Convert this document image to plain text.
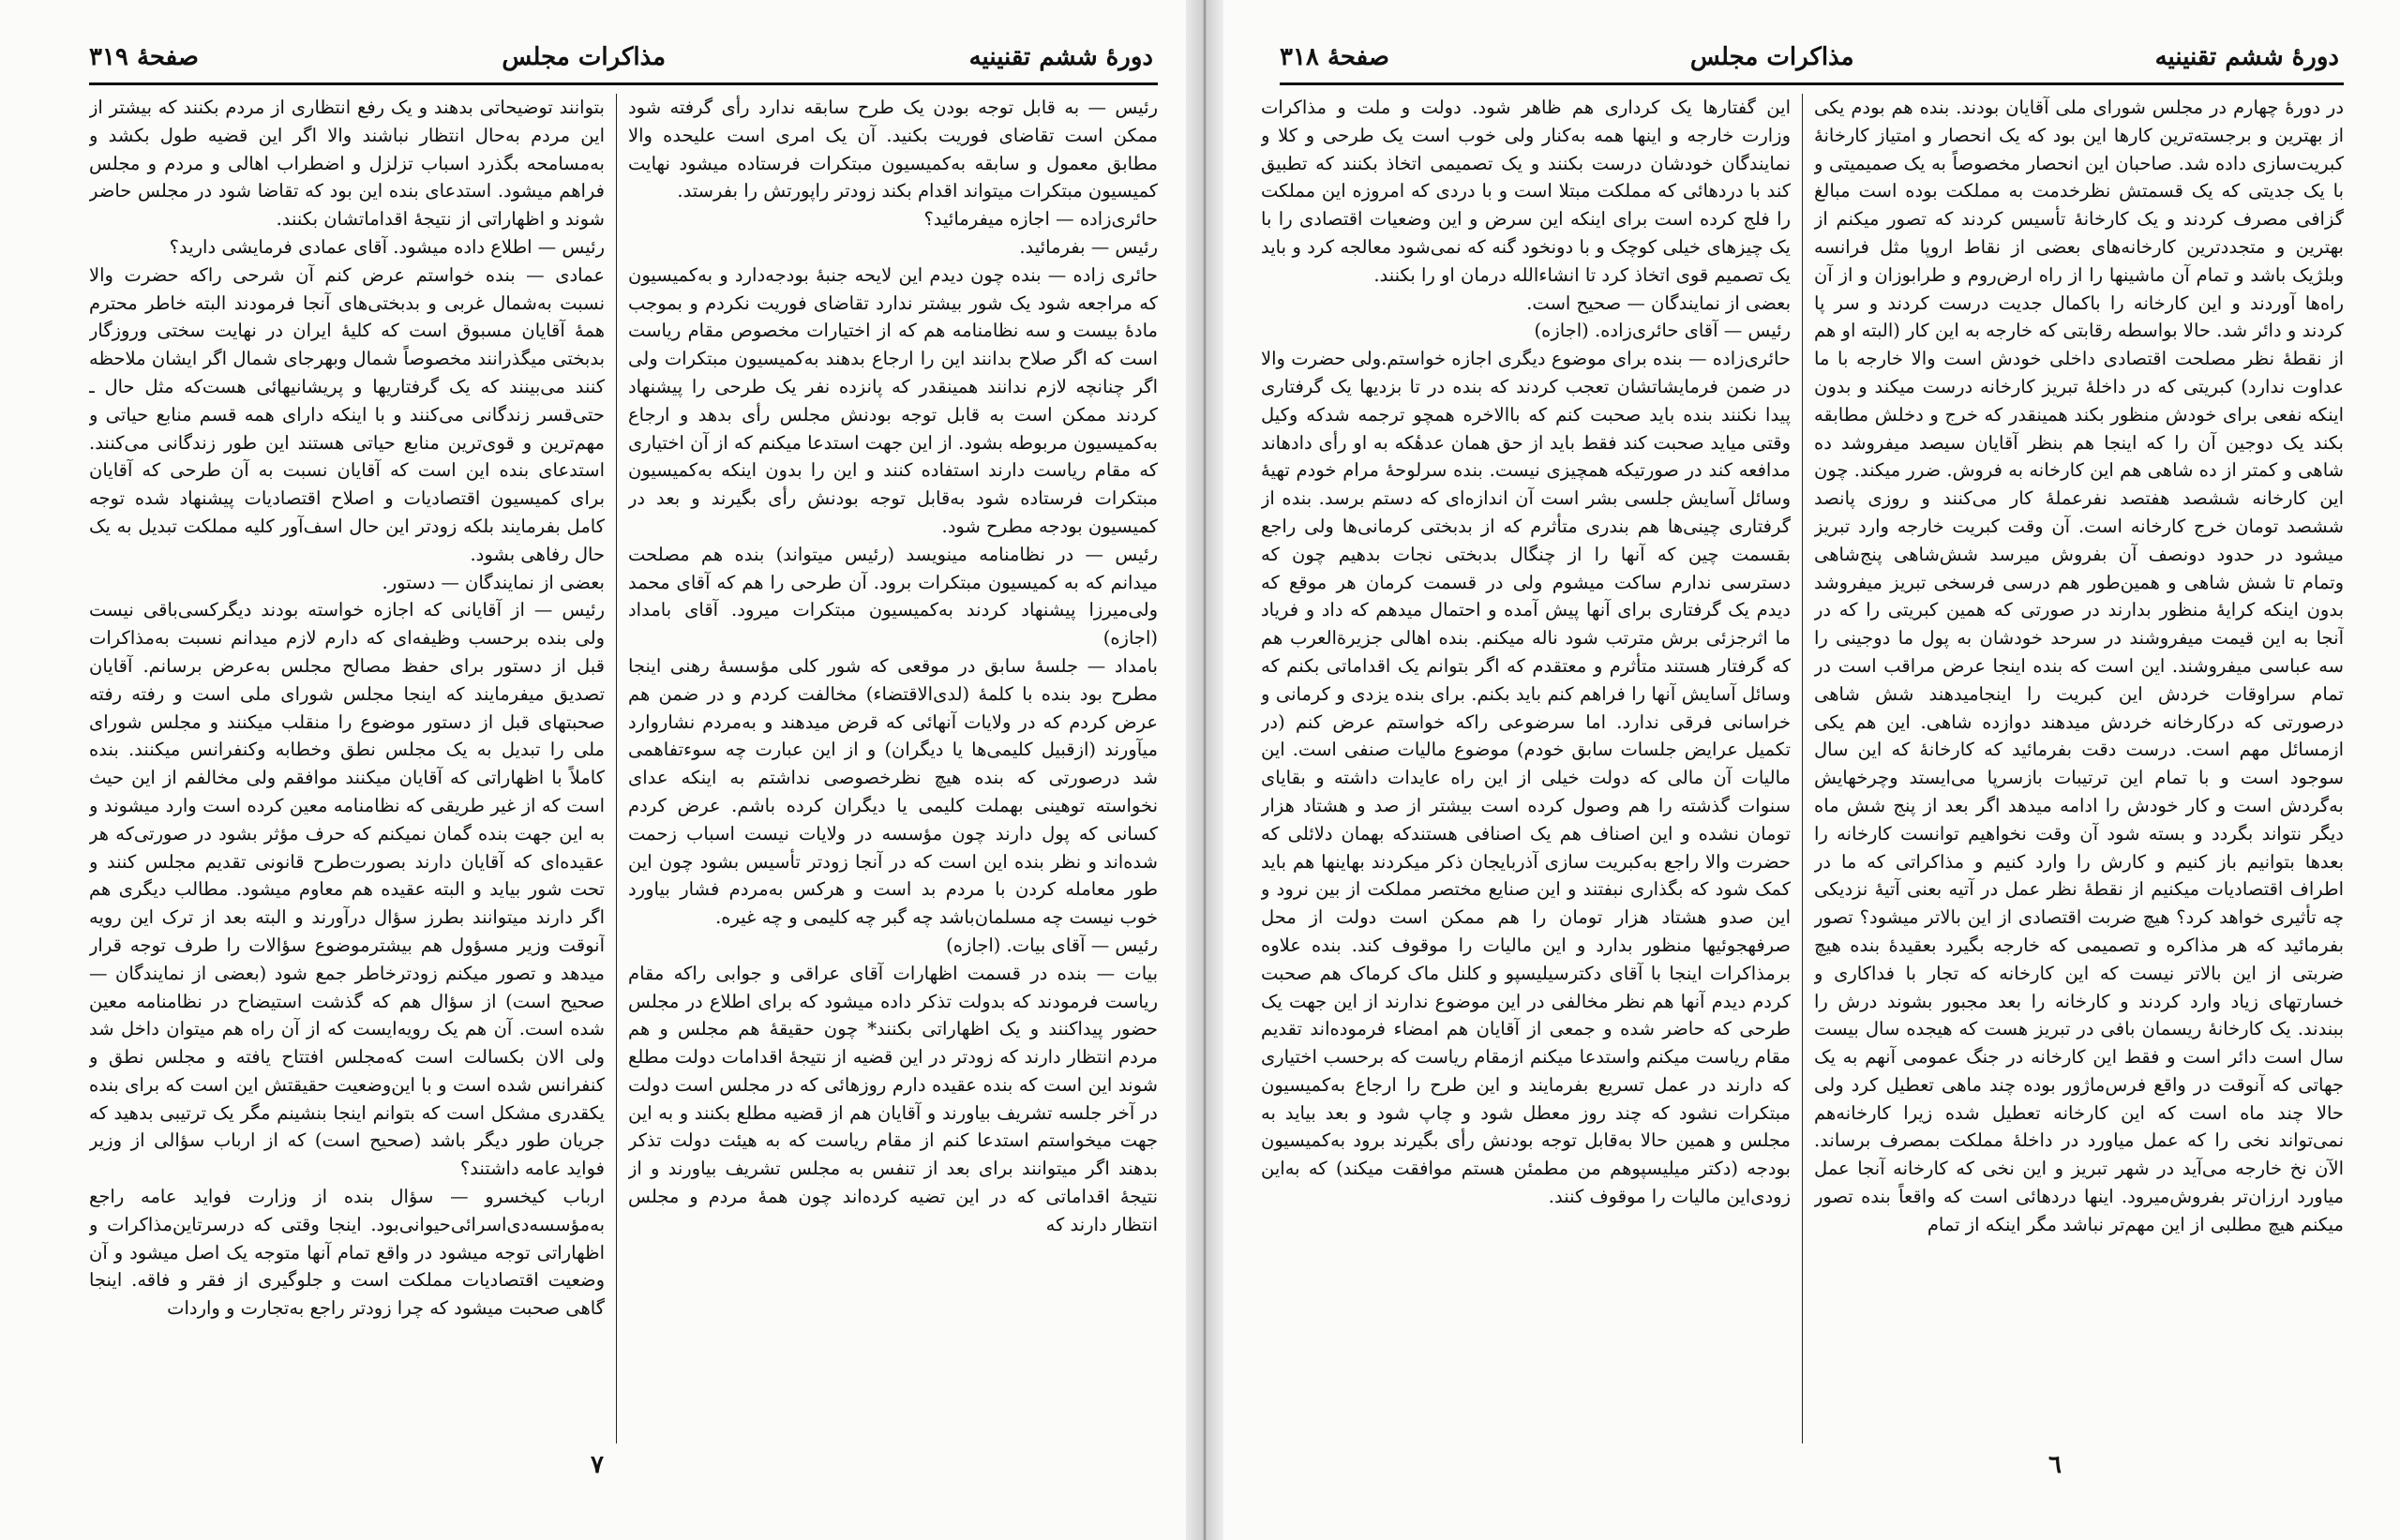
دورهٔ ششم تقنینیه
مذاکرات مجلس
صفحهٔ ۳۱۸

در دورهٔ چهارم در مجلس شورای ملی آقایان بودند. بنده هم بودم یکی از بهترین و برجسته‌ترین کارها این بود که یک انحصار و امتیاز کارخانهٔ کبریت‌سازی داده شد. صاحبان این انحصار مخصوصاً به یک صمیمیتی و با یک جدیتی که یک قسمتش نظرخدمت به مملکت بوده است مبالغ گزافی مصرف کردند و یک کارخانهٔ تأسیس کردند که تصور میکنم از بهترین و متجددترین کارخانه‌های بعضی از نقاط اروپا مثل فرانسه وبلژیک باشد و تمام آن ماشینها را از راه ارض‌روم و طرابوزان و از آن راه‌ها آوردند و این کارخانه را باکمال جدیت درست کردند و سر پا کردند و دائر شد. حالا بواسطه رقابتی که خارجه به این کار (البته او هم از نقطهٔ نظر مصلحت اقتصادی داخلی خودش است والا خارجه با ما عداوت ندارد) کبریتی که در داخلهٔ تبریز کارخانه درست میکند و بدون اینکه نفعی برای خودش منظور بکند همینقدر که خرج و دخلش مطابقه بکند یک دوجین آن را که اینجا هم بنظر آقایان سیصد میفروشد ده شاهی و کمتر از ده شاهی هم این کارخانه به فروش. ضرر میکند. چون این کارخانه ششصد هفتصد نفرعملهٔ کار می‌کنند و روزی پانصد ششصد تومان خرج کارخانه است. آن وقت کبریت خارجه وارد تبریز میشود در حدود دونصف آن بفروش میرسد شش‌شاهی پنج‌شاهی وتمام تا شش شاهی و همین‌طور هم درسی فرسخی تبریز میفروشد بدون اینکه کرایهٔ منظور بدارند در صورتی که همین کبریتی را که در آنجا به این قیمت میفروشند در سرحد خودشان به پول ما دوجینی را سه عباسی میفروشند. این است که بنده اینجا عرض مراقب است در تمام سراوقات خردش این کبریت را اینجامیدهند شش شاهی درصورتی که درکارخانه خردش میدهند دوازده شاهی. این هم یکی ازمسائل مهم است. درست دقت بفرمائید که کارخانهٔ که این سال سوجود است و با تمام این ترتیبات بازسرپا می‌ایستد وچرخهایش به‌گردش است و کار خودش را ادامه میدهد اگر بعد از پنج شش ماه دیگر نتواند بگردد و بسته شود آن وقت نخواهیم توانست کارخانه را بعدها بتوانیم باز کنیم و کارش را وارد کنیم و مذاکراتی که ما در اطراف اقتصادیات میکنیم از نقطهٔ نظر عمل در آتیه بعنی آتیهٔ نزدیکی چه تأثیری خواهد کرد؟ هیچ ضربت اقتصادی از این بالاتر میشود؟ تصور بفرمائید که هر مذاکره و تصمیمی که خارجه بگیرد بعقیدهٔ بنده هیچ ضربتی از این بالاتر نیست که این کارخانه که تجار با فداکاری و خسارتهای زیاد وارد کردند و کارخانه را بعد مجبور بشوند درش را ببندند. یک کارخانهٔ ریسمان بافی در تبریز هست که هیجده سال بیست سال است دائر است و فقط این کارخانه در جنگ عمومی آنهم به یک جهاتی که آنوقت در واقع فرس‌ماژور بوده چند ماهی تعطیل کرد ولی حالا چند ماه است که این کارخانه تعطیل شده زیرا کارخانه‌هم نمی‌تواند نخی را که عمل میاورد در داخلهٔ مملکت بمصرف برساند. الآن نخ خارجه می‌آید در شهر تبریز و این نخی که کارخانه آنجا عمل میاورد ارزان‌تر بفروش‌میرود. اینها دردهائی است که واقعاً بنده تصور میکنم هیچ مطلبی از این مهم‌تر نباشد مگر اینکه از تمام

این گفتارها یک کرداری هم ظاهر شود. دولت و ملت و مذاکرات وزارت خارجه و اینها همه به‌کنار ولی خوب است یک طرحی و کلا و نمایندگان خودشان درست بکنند و یک تصمیمی اتخاذ بکنند که تطبیق کند با دردهائی که مملکت مبتلا است و با دردی که امروزه این مملکت را فلج کرده است برای اینکه این سرض و این وضعیات اقتصادی را با یک چیزهای خیلی کوچک و با دونخود گنه که نمی‌شود معالجه کرد و باید یک تصمیم قوی اتخاذ کرد تا انشاءالله درمان او را بکنند.
بعضی از نمایندگان — صحیح است.
رئیس — آقای حائری‌زاده. (اجازه)
حائری‌زاده — بنده برای موضوع دیگری اجازه خواستم.ولی حضرت والا در ضمن فرمایشاتشان تعجب کردند که بنده در تا بزدیها یک گرفتاری پیدا نکنند بنده باید صحبت کنم که باالاخره همچو ترجمه شدکه وکیل وقتی میاید صحبت کند فقط باید از حق همان عدهٔکه به او رأی دادهاند مدافعه کند در صورتیکه همچیزی نیست. بنده سرلوحهٔ مرام خودم تهیهٔ وسائل آسایش جلسی بشر است آن اندازه‌ای که دستم برسد. بنده از گرفتاری چینی‌ها هم بندری متأثرم که از بدبختی کرمانی‌ها ولی راجع بقسمت چین که آنها را از چنگال بدبختی نجات بدهیم چون که دسترسی ندارم ساکت میشوم ولی در قسمت کرمان هر موقع که دیدم یک گرفتاری برای آنها پیش آمده و احتمال میدهم که داد و فریاد ما اثرجزئی برش مترتب شود ناله میکنم. بنده اهالی جزیرة‌العرب هم که گرفتار هستند متأثرم و معتقدم که اگر بتوانم یک اقداماتی بکنم که وسائل آسایش آنها را فراهم کنم باید بکنم. برای بنده یزدی و کرمانی و خراسانی فرقی ندارد. اما سرضوعی راکه خواستم عرض کنم (در تکمیل عرایض جلسات سابق خودم) موضوع مالیات صنفی است. این مالیات آن مالی که دولت خیلی از این راه عایدات داشته و بقایای سنوات گذشته را هم وصول کرده است بیشتر از صد و هشتاد هزار تومان نشده و این اصناف هم یک اصنافی هستندکه بهمان دلائلی که حضرت والا راجع به‌کبریت سازی آذربایجان ذکر میکردند بهاینها هم باید کمک شود که بگذاری نبفتند و این صنایع مختصر مملکت از بین نرود و این صدو هشتاد هزار تومان را هم ممکن است دولت از محل صرفهجوئیها منظور بدارد و این مالیات را موقوف کند. بنده علاوه برمذاکرات اینجا با آقای دکترسیلیسپو و کلنل ماک کرماک هم صحبت کردم دیدم آنها هم نظر مخالفی در این موضوع ندارند از این جهت یک طرحی که حاضر شده و جمعی از آقایان هم امضاء فرموده‌اند تقدیم مقام ریاست میکنم واستدعا میکنم ازمقام ریاست که برحسب اختیاری که دارند در عمل تسریع بفرمایند و این طرح را ارجاع به‌کمیسیون مبتکرات نشود که چند روز معطل شود و چاپ شود و بعد بیاید به مجلس و همین حالا به‌قابل توجه بودنش رأی بگیرند برود به‌کمیسیون بودجه (دکتر میلیسپوهم من مطمئن هستم موافقت میکند) که به‌این زودی‌این مالیات را موقوف کنند.

٦
دورهٔ ششم تقنینیه
مذاکرات مجلس
صفحهٔ ۳۱۹

رئیس — به قابل توجه بودن یک طرح سابقه ندارد رأی گرفته شود ممکن است تقاضای فوریت بکنید. آن یک امری است علیحده والا مطابق معمول و سابقه به‌کمیسیون مبتکرات فرستاده میشود نهایت کمیسیون مبتکرات میتواند اقدام بکند زودتر راپورتش را بفرستد.
حائری‌زاده — اجازه میفرمائید؟
رئیس — بفرمائید.
حائری زاده — بنده چون دیدم این لایحه جنبهٔ بودجه‌دارد و به‌کمیسیون که مراجعه شود یک شور بیشتر ندارد تقاضای فوریت نکردم و بموجب مادهٔ بیست و سه نظامنامه هم که از اختیارات مخصوص مقام ریاست است که اگر صلاح بدانند این را ارجاع بدهند به‌کمیسیون مبتکرات ولی اگر چنانچه لازم ندانند همینقدر که پانزده نفر یک طرحی را پیشنهاد کردند ممکن است به قابل توجه بودنش مجلس رأی بدهد و ارجاع به‌کمیسیون مربوطه بشود. از این جهت استدعا میکنم که از آن اختیاری که مقام ریاست دارند استفاده کنند و این را بدون اینکه به‌کمیسیون مبتکرات فرستاده شود به‌قابل توجه بودنش رأی بگیرند و بعد در کمیسیون بودجه مطرح شود.
رئیس — در نظامنامه مینویسد (رئیس میتواند) بنده هم مصلحت میدانم که به کمیسیون مبتکرات برود. آن طرحی را هم که آقای محمد ولی‌میرزا پیشنهاد کردند به‌کمیسیون مبتکرات میرود. آقای بامداد (اجازه)
بامداد — جلسهٔ سابق در موقعی که شور کلی مؤسسهٔ رهنی اینجا مطرح بود بنده با کلمهٔ (لدی‌الاقتضاء) مخالفت کردم و در ضمن هم عرض کردم که در ولایات آنهائی که قرض میدهند و به‌مردم نشاروارد میآورند (ازقبیل کلیمی‌ها یا دیگران) و از این عبارت چه سوءتفاهمی شد درصورتی که بنده هیچ نظرخصوصی نداشتم به اینکه عدای نخواسته توهینی بهملت کلیمی یا دیگران کرده باشم. عرض کردم کسانی که پول دارند چون مؤسسه در ولایات نیست اسباب زحمت شده‌اند و نظر بنده این است که در آنجا زودتر تأسیس بشود چون این طور معامله کردن با مردم بد است و هرکس به‌مردم فشار بیاورد خوب نیست چه مسلمان‌باشد چه گبر چه کلیمی و چه غیره.
رئیس — آقای بیات. (اجازه)
بیات — بنده در قسمت اظهارات آقای عراقی و جوابی راکه مقام ریاست فرمودند که بدولت تذکر داده میشود که برای اطلاع در مجلس حضور پیداکنند و یک اظهاراتی بکنند* چون حقیقهٔ هم مجلس و هم مردم انتظار دارند که زودتر در این قضیه از نتیجهٔ اقدامات دولت مطلع شوند این است که بنده عقیده دارم روزهائی که در مجلس است دولت در آخر جلسه تشریف بیاورند و آقایان هم از قضیه مطلع بکنند و به این جهت میخواستم استدعا کنم از مقام ریاست که به هیئت دولت تذکر بدهند اگر میتوانند برای بعد از تنفس به مجلس تشریف بیاورند و از نتیجهٔ اقداماتی که در این تضیه کرده‌اند چون همهٔ مردم و مجلس انتظار دارند که

بتوانند توضیحاتی بدهند و یک رفع انتظاری از مردم بکنند که بیشتر از این مردم به‌حال انتظار نباشند والا اگر این قضیه طول بکشد و به‌مسامحه بگذرد اسباب تزلزل و اضطراب اهالی و مردم و مجلس فراهم میشود. استدعای بنده این بود که تقاضا شود در مجلس حاضر شوند و اظهاراتی از نتیجهٔ اقداماتشان بکنند.
رئیس — اطلاع داده میشود. آقای عمادی فرمایشی دارید؟
عمادی — بنده خواستم عرض کنم آن شرحی راکه حضرت والا نسبت به‌شمال غربی و بدبختی‌های آنجا فرمودند البته خاطر محترم همهٔ آقایان مسبوق است که کلیهٔ ایران در نهایت سختی وروزگار بدبختی میگذرانند مخصوصاً شمال وبهرجای شمال اگر ایشان ملاحظه کنند می‌بینند که یک گرفتاریها و پریشانیهائی هست‌که مثل حال ـ حتی‌قسر زندگانی می‌کنند و با اینکه دارای همه قسم منابع حیاتی و مهم‌ترین و قوی‌ترین منابع حیاتی هستند این طور زندگانی می‌کنند. استدعای بنده این است که آقایان نسبت به آن طرحی که آقایان برای کمیسیون اقتصادیات و اصلاح اقتصادیات پیشنهاد شده توجه کامل بفرمایند بلکه زودتر این حال اسف‌آور کلیه مملکت تبدیل به یک حال رفاهی بشود.
بعضی از نمایندگان — دستور.
رئیس — از آقایانی که اجازه خواسته بودند دیگرکسی‌باقی نیست ولی بنده برحسب وظیفه‌ای که دارم لازم میدانم نسبت به‌مذاکرات قبل از دستور برای حفظ مصالح مجلس به‌عرض برسانم. آقایان تصدیق میفرمایند که اینجا مجلس شورای ملی است و رفته رفته صحبتهای قبل از دستور موضوع را منقلب میکنند و مجلس شورای ملی را تبدیل به یک مجلس نطق وخطابه وکنفرانس میکنند. بنده کاملاً با اظهاراتی که آقایان میکنند موافقم ولی مخالفم از این حیث است که از غیر طریقی که نظامنامه معین کرده است وارد میشوند و به این جهت بنده گمان نمیکنم که حرف مؤثر بشود در صورتی‌که هر عقیده‌ای که آقایان دارند بصورت‌طرح قانونی تقدیم مجلس کنند و تحت شور بیاید و البته عقیده هم معاوم میشود. مطالب دیگری هم اگر دارند میتوانند بطرز سؤال درآورند و البته بعد از ترک این رویه آنوقت وزیر مسؤول هم بیشترموضوع سؤالات را طرف توجه قرار میدهد و تصور میکنم زودترخاطر جمع شود (بعضی از نمایندگان — صحیح است) از سؤال هم که گذشت استیضاح در نظامنامه معین شده است. آن هم یک رویه‌ایست که از آن راه هم میتوان داخل شد ولی الان بکسالت است که‌مجلس افتتاح یافته و مجلس نطق و کنفرانس شده است و با این‌وضعیت حقیقتش این است که برای بنده یکقدری مشکل است که بتوانم اینجا بنشینم مگر یک ترتیبی بدهید که جریان طور دیگر باشد (صحیح است) که از ارباب سؤالی از وزیر فواید عامه داشتند؟
ارباب کیخسرو — سؤال بنده از وزارت فواید عامه راجع به‌مؤسسه‌دی‌اسرائی‌حیوانی‌بود. اینجا وقتی که درسرتاین‌مذاکرات و اظهاراتی توجه میشود در واقع تمام آنها متوجه یک اصل میشود و آن وضعیت اقتصادیات مملکت است و جلوگیری از فقر و فاقه. اینجا گاهی صحبت میشود که چرا زودتر راجع به‌تجارت و واردات

٧
